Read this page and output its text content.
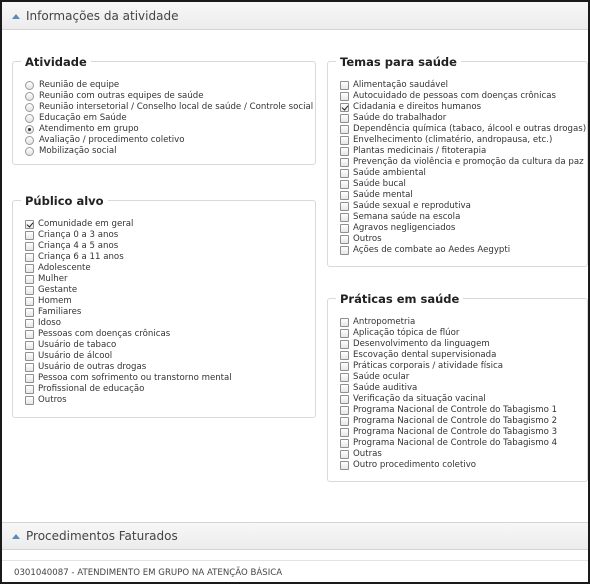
Informações da atividade
Atividade
Reunião de equipe
Reunião com outras equipes de saúde
Reunião intersetorial / Conselho local de saúde / Controle social
Educação em Saúde
Atendimento em grupo
Avaliação / procedimento coletivo
Mobilização social
Público alvo
Comunidade em geral
Criança 0 a 3 anos
Criança 4 a 5 anos
Criança 6 a 11 anos
Adolescente
Mulher
Gestante
Homem
Familiares
Idoso
Pessoas com doenças crônicas
Usuário de tabaco
Usuário de álcool
Usuário de outras drogas
Pessoa com sofrimento ou transtorno mental
Profissional de educação
Outros
Temas para saúde
Alimentação saudável
Autocuidado de pessoas com doenças crônicas
Cidadania e direitos humanos
Saúde do trabalhador
Dependência química (tabaco, álcool e outras drogas)
Envelhecimento (climatério, andropausa, etc.)
Plantas medicinais / fitoterapia
Prevenção da violência e promoção da cultura da paz
Saúde ambiental
Saúde bucal
Saúde mental
Saúde sexual e reprodutiva
Semana saúde na escola
Agravos negligenciados
Outros
Ações de combate ao Aedes Aegypti
Práticas em saúde
Antropometria
Aplicação tópica de flúor
Desenvolvimento da linguagem
Escovação dental supervisionada
Práticas corporais / atividade física
Saúde ocular
Saúde auditiva
Verificação da situação vacinal
Programa Nacional de Controle do Tabagismo 1
Programa Nacional de Controle do Tabagismo 2
Programa Nacional de Controle do Tabagismo 3
Programa Nacional de Controle do Tabagismo 4
Outras
Outro procedimento coletivo
Procedimentos Faturados
0301040087 - ATENDIMENTO EM GRUPO NA ATENÇÃO BÁSICA
